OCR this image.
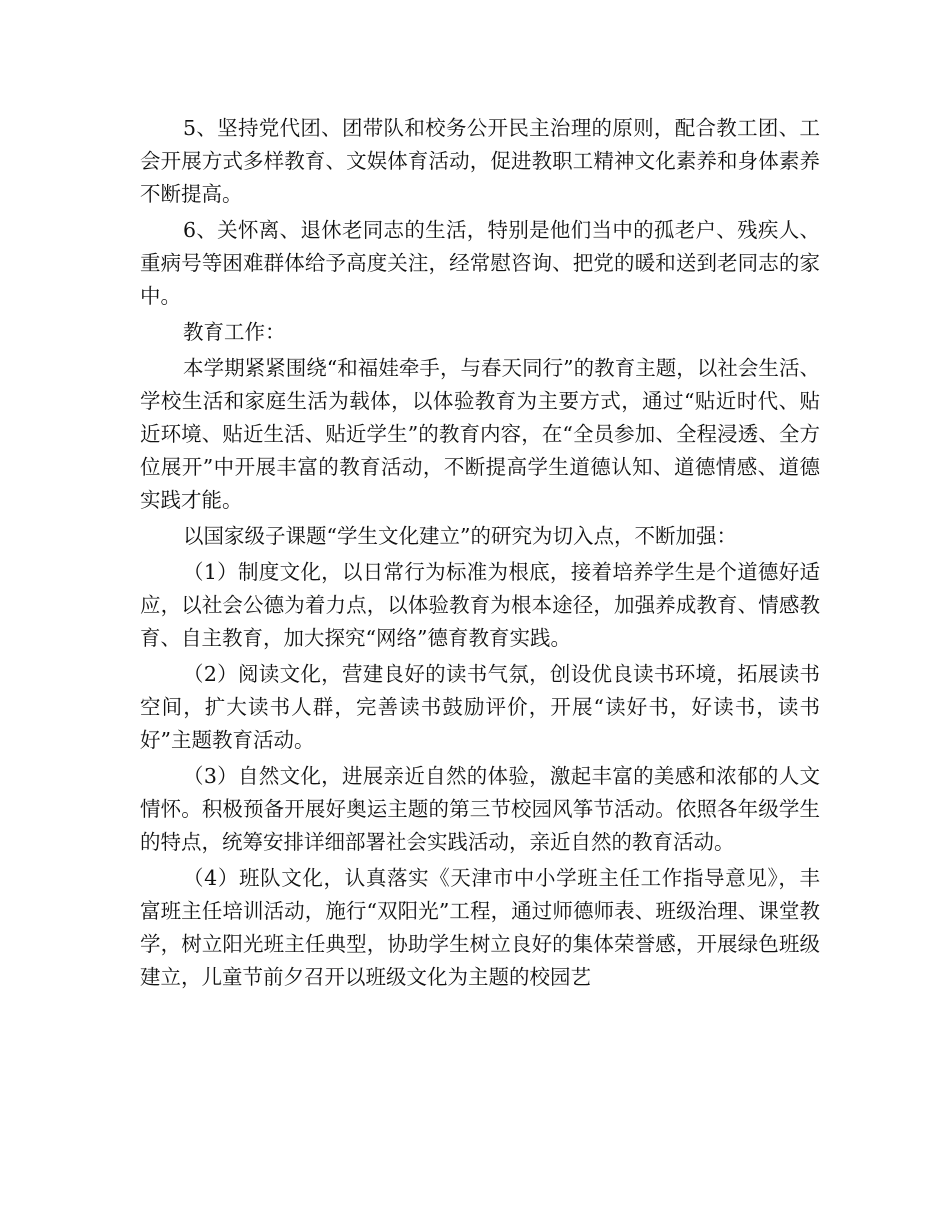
5、坚持党代团、团带队和校务公开民主治理的原则，配合教工团、工会开展方式多样教育、文娱体育活动，促进教职工精神文化素养和身体素养不断提高。

6、关怀离、退休老同志的生活，特别是他们当中的孤老户、残疾人、重病号等困难群体给予高度关注，经常慰咨询、把党的暖和送到老同志的家中。

教育工作：

本学期紧紧围绕“和福娃牵手，与春天同行”的教育主题，以社会生活、学校生活和家庭生活为载体，以体验教育为主要方式，通过“贴近时代、贴近环境、贴近生活、贴近学生”的教育内容，在“全员参加、全程浸透、全方位展开”中开展丰富的教育活动，不断提高学生道德认知、道德情感、道德实践才能。

以国家级子课题“学生文化建立”的研究为切入点，不断加强：

（1）制度文化，以日常行为标准为根底，接着培养学生是个道德好适应，以社会公德为着力点，以体验教育为根本途径，加强养成教育、情感教育、自主教育，加大探究“网络”德育教育实践。

（2）阅读文化，营建良好的读书气氛，创设优良读书环境，拓展读书空间，扩大读书人群，完善读书鼓励评价，开展“读好书，好读书，读书好”主题教育活动。

（3）自然文化，进展亲近自然的体验，激起丰富的美感和浓郁的人文情怀。积极预备开展好奥运主题的第三节校园风筝节活动。依照各年级学生的特点，统筹安排详细部署社会实践活动，亲近自然的教育活动。

（4）班队文化，认真落实《天津市中小学班主任工作指导意见》，丰富班主任培训活动，施行“双阳光”工程，通过师德师表、班级治理、课堂教学，树立阳光班主任典型，协助学生树立良好的集体荣誉感，开展绿色班级建立，儿童节前夕召开以班级文化为主题的校园艺
